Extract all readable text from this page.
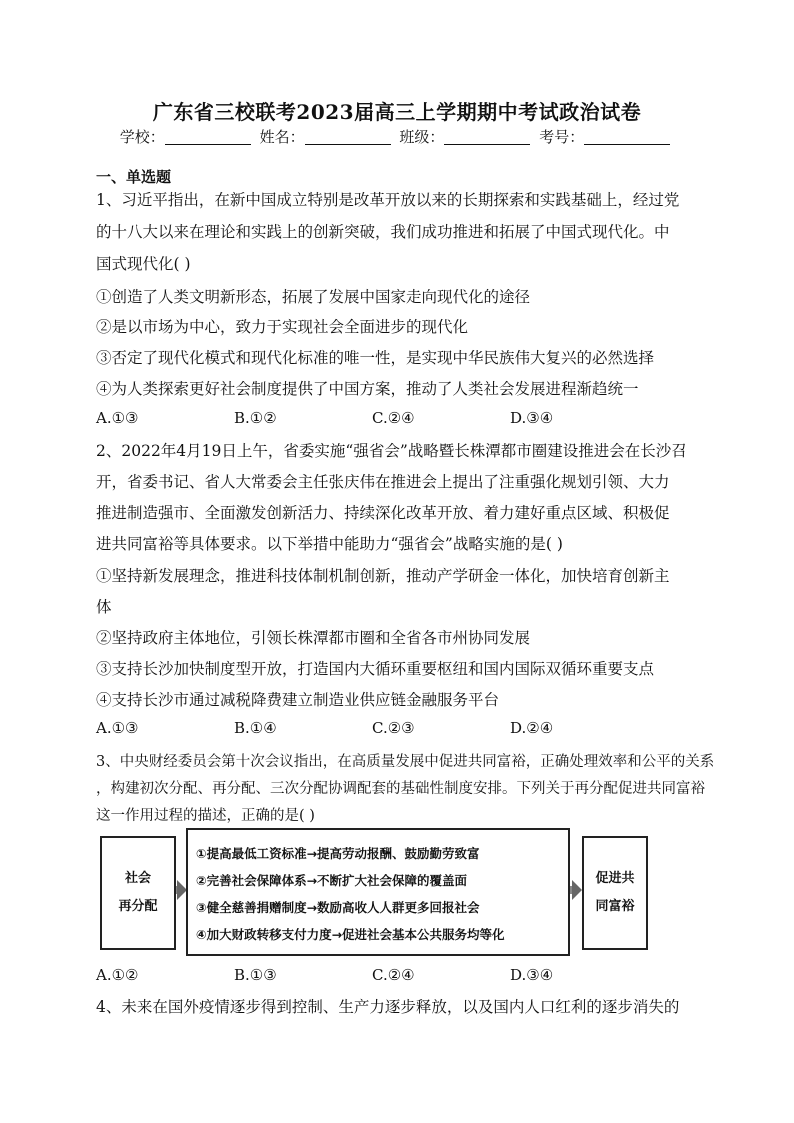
广东省三校联考2023届高三上学期期中考试政治试卷
学校：	姓名：	班级：	考号：
一、单选题
1、习近平指出，在新中国成立特别是改革开放以来的长期探索和实践基础上，经过党
的十八大以来在理论和实践上的创新突破，我们成功推进和拓展了中国式现代化。中
国式现代化( )
①创造了人类文明新形态，拓展了发展中国家走向现代化的途径
②是以市场为中心，致力于实现社会全面进步的现代化
③否定了现代化模式和现代化标准的唯一性，是实现中华民族伟大复兴的必然选择
④为人类探索更好社会制度提供了中国方案，推动了人类社会发展进程渐趋统一
A.①③	B.①②	C.②④	D.③④
2、2022年4月19日上午，省委实施“强省会”战略暨长株潭都市圈建设推进会在长沙召
开，省委书记、省人大常委会主任张庆伟在推进会上提出了注重强化规划引领、大力
推进制造强市、全面激发创新活力、持续深化改革开放、着力建好重点区域、积极促
进共同富裕等具体要求。以下举措中能助力“强省会”战略实施的是( )
①坚持新发展理念，推进科技体制机制创新，推动产学研金一体化，加快培育创新主
体
②坚持政府主体地位，引领长株潭都市圈和全省各市州协同发展
③支持长沙加快制度型开放，打造国内大循环重要枢纽和国内国际双循环重要支点
④支持长沙市通过减税降费建立制造业供应链金融服务平台
A.①③	B.①④	C.②③	D.②④
3、中央财经委员会第十次会议指出，在高质量发展中促进共同富裕，正确处理效率和公平的关系
，构建初次分配、再分配、三次分配协调配套的基础性制度安排。下列关于再分配促进共同富裕
这一作用过程的描述，正确的是( )
社会
再分配
①提高最低工资标准→提高劳动报酬、鼓励勤劳致富
②完善社会保障体系→不断扩大社会保障的覆盖面
③健全慈善捐赠制度→数励高收人人群更多回报社会
④加大财政转移支付力度→促进社会基本公共服务均等化
促进共
同富裕
A.①②	B.①③	C.②④	D.③④
4、未来在国外疫情逐步得到控制、生产力逐步释放，以及国内人口红利的逐步消失的
